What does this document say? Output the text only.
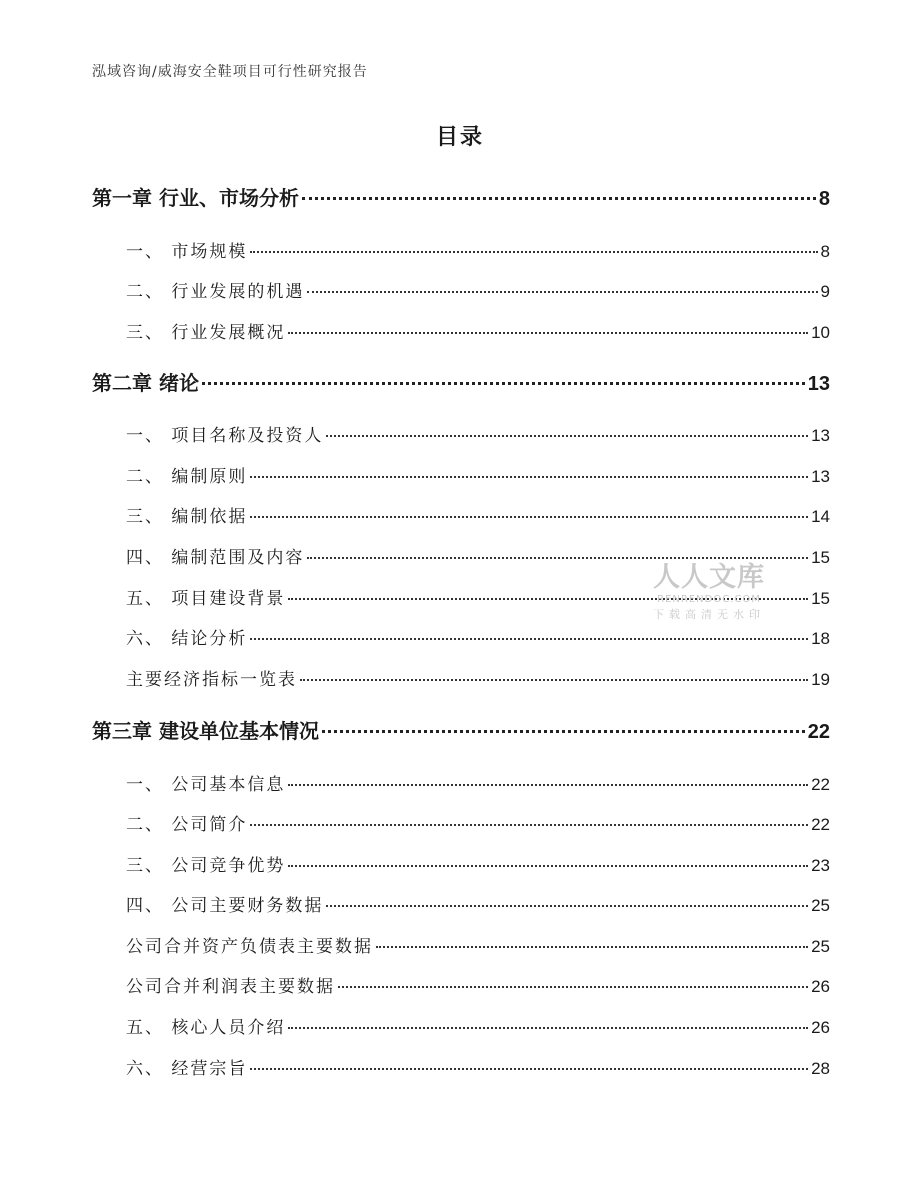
泓域咨询/威海安全鞋项目可行性研究报告
目录
第一章 行业、市场分析	8
一、 市场规模	8
二、 行业发展的机遇	9
三、 行业发展概况	10
第二章 绪论	13
一、 项目名称及投资人	13
二、 编制原则	13
三、 编制依据	14
四、 编制范围及内容	15
五、 项目建设背景	15
六、 结论分析	18
主要经济指标一览表	19
第三章 建设单位基本情况	22
一、 公司基本信息	22
二、 公司简介	22
三、 公司竞争优势	23
四、 公司主要财务数据	25
公司合并资产负债表主要数据	25
公司合并利润表主要数据	26
五、 核心人员介绍	26
六、 经营宗旨	28
人人文库
RENRENDOC.COM
下载高清无水印
